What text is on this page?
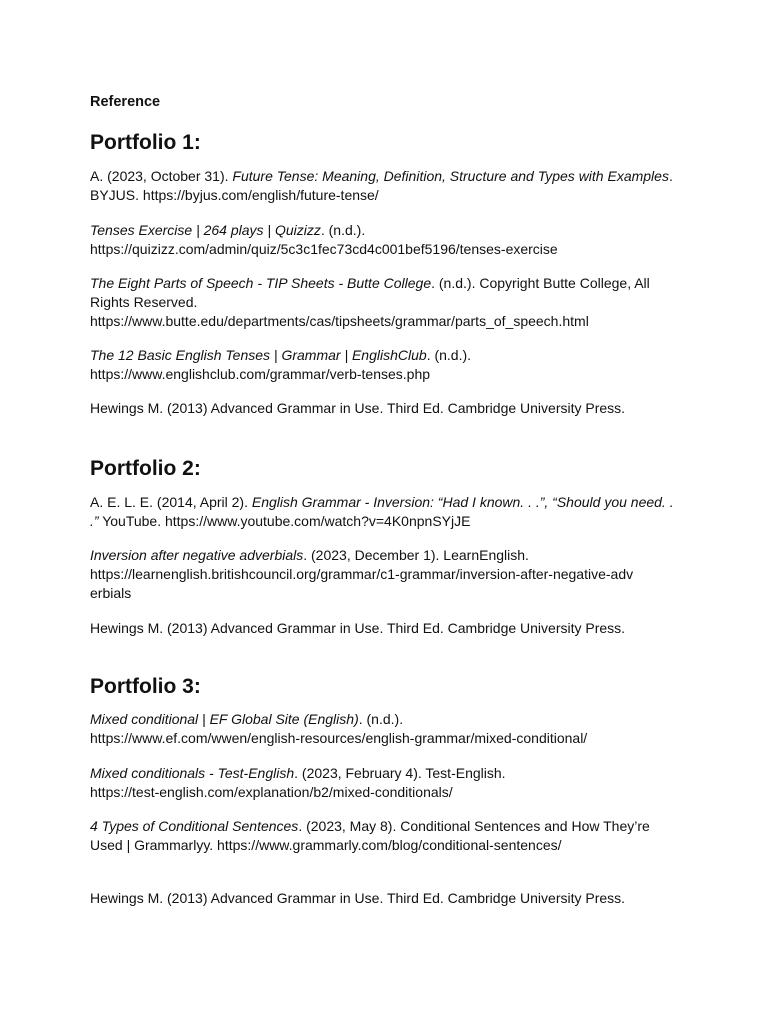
Reference
Portfolio 1:

A. (2023, October 31). Future Tense: Meaning, Definition, Structure and Types with Examples.
BYJUS. https://byjus.com/english/future-tense/

Tenses Exercise | 264 plays | Quizizz. (n.d.).
https://quizizz.com/admin/quiz/5c3c1fec73cd4c001bef5196/tenses-exercise

The Eight Parts of Speech - TIP Sheets - Butte College. (n.d.). Copyright Butte College, All
Rights Reserved.
https://www.butte.edu/departments/cas/tipsheets/grammar/parts_of_speech.html

The 12 Basic English Tenses | Grammar | EnglishClub. (n.d.).
https://www.englishclub.com/grammar/verb-tenses.php

Hewings M. (2013) Advanced Grammar in Use. Third Ed. Cambridge University Press.

Portfolio 2:

A. E. L. E. (2014, April 2). English Grammar - Inversion: “Had I known. . .”, “Should you need. .
.” YouTube. https://www.youtube.com/watch?v=4K0npnSYjJE

Inversion after negative adverbials. (2023, December 1). LearnEnglish.
https://learnenglish.britishcouncil.org/grammar/c1-grammar/inversion-after-negative-adv
erbials

Hewings M. (2013) Advanced Grammar in Use. Third Ed. Cambridge University Press.

Portfolio 3:

Mixed conditional | EF Global Site (English). (n.d.).
https://www.ef.com/wwen/english-resources/english-grammar/mixed-conditional/

Mixed conditionals - Test-English. (2023, February 4). Test-English.
https://test-english.com/explanation/b2/mixed-conditionals/

4 Types of Conditional Sentences. (2023, May 8). Conditional Sentences and How They’re
Used | Grammarlyy. https://www.grammarly.com/blog/conditional-sentences/

Hewings M. (2013) Advanced Grammar in Use. Third Ed. Cambridge University Press.
